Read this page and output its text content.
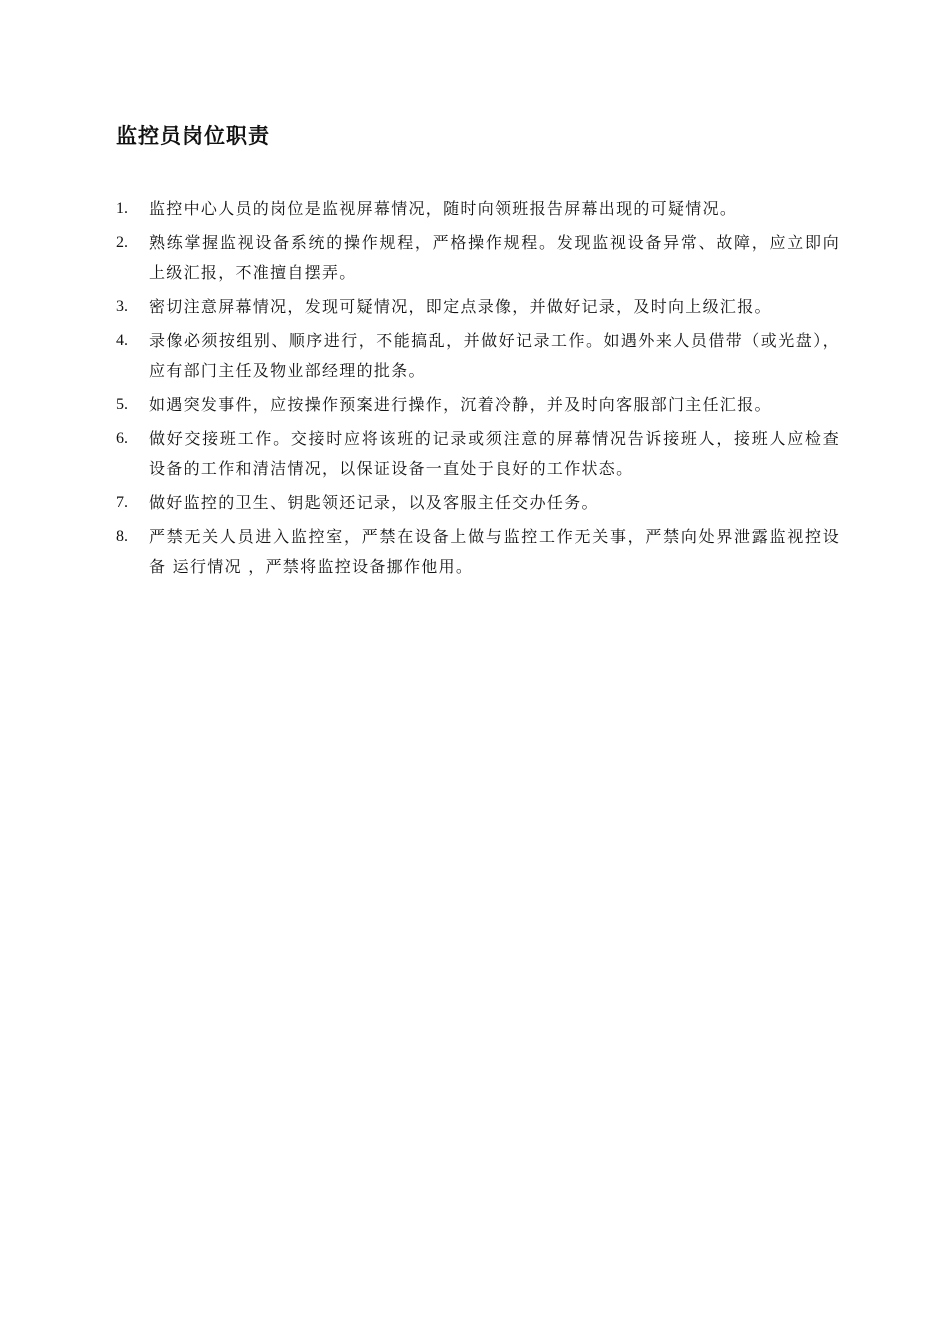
监控员岗位职责
1. 监控中心人员的岗位是监视屏幕情况，随时向领班报告屏幕出现的可疑情况。
2. 熟练掌握监视设备系统的操作规程，严格操作规程。发现监视设备异常、故障，应立即向上级汇报，不准擅自摆弄。
3. 密切注意屏幕情况，发现可疑情况，即定点录像，并做好记录，及时向上级汇报。
4. 录像必须按组别、顺序进行，不能搞乱，并做好记录工作。如遇外来人员借带（或光盘），应有部门主任及物业部经理的批条。
5. 如遇突发事件，应按操作预案进行操作，沉着冷静，并及时向客服部门主任汇报。
6. 做好交接班工作。交接时应将该班的记录或须注意的屏幕情况告诉接班人，接班人应检查设备的工作和清洁情况，以保证设备一直处于良好的工作状态。
7. 做好监控的卫生、钥匙领还记录，以及客服主任交办任务。
8. 严禁无关人员进入监控室，严禁在设备上做与监控工作无关事，严禁向处界泄露监视控设备 运行情况 ，严禁将监控设备挪作他用。
